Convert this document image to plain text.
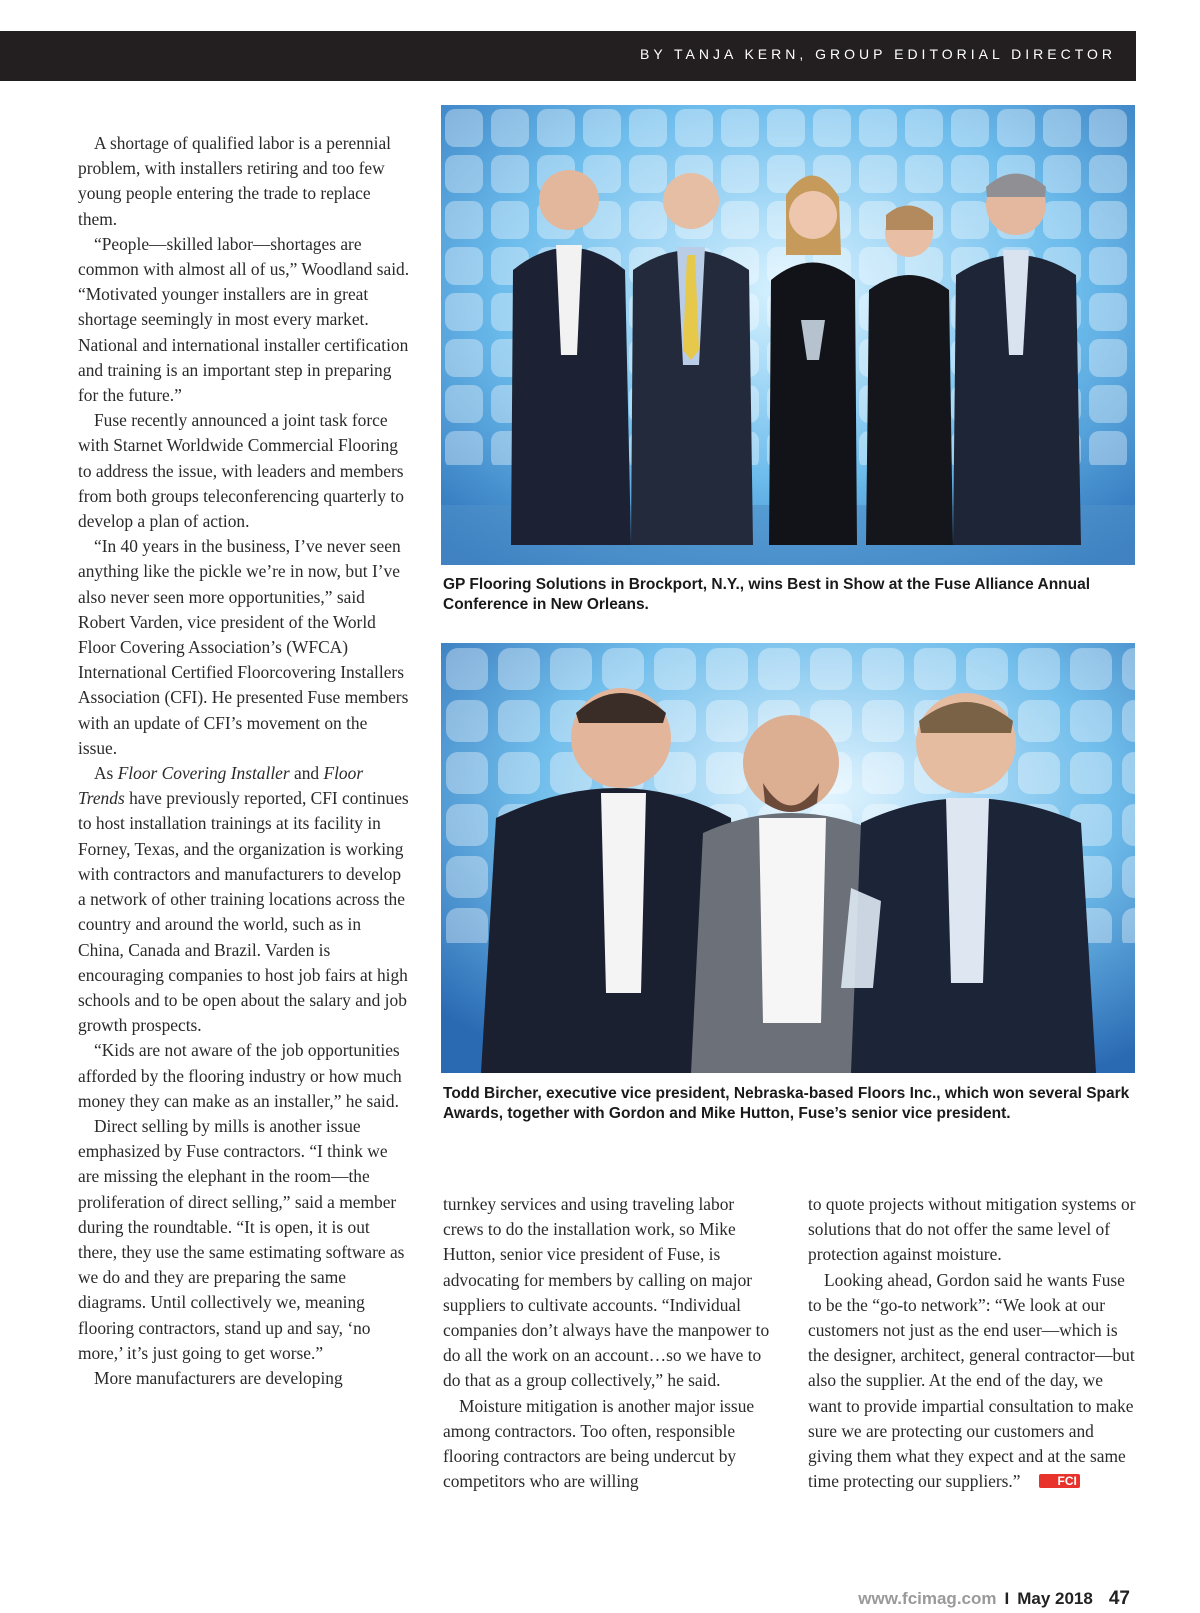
BY TANJA KERN, GROUP EDITORIAL DIRECTOR

A shortage of qualified labor is a perennial problem, with installers retiring and too few young people entering the trade to replace them.

“People—skilled labor—shortages are common with almost all of us,” Woodland said. “Motivated younger installers are in great shortage seemingly in most every market. National and international installer certification and training is an important step in preparing for the future.”

Fuse recently announced a joint task force with Starnet Worldwide Commercial Flooring to address the issue, with leaders and members from both groups teleconferencing quarterly to develop a plan of action.

“In 40 years in the business, I’ve never seen anything like the pickle we’re in now, but I’ve also never seen more opportunities,” said Robert Varden, vice president of the World Floor Covering Association’s (WFCA) International Certified Floorcovering Installers Association (CFI). He presented Fuse members with an update of CFI’s movement on the issue.

As Floor Covering Installer and Floor Trends have previously reported, CFI continues to host installation trainings at its facility in Forney, Texas, and the organization is working with contractors and manufacturers to develop a network of other training locations across the country and around the world, such as in China, Canada and Brazil. Varden is encouraging companies to host job fairs at high schools and to be open about the salary and job growth prospects.

“Kids are not aware of the job opportunities afforded by the flooring industry or how much money they can make as an installer,” he said.

Direct selling by mills is another issue emphasized by Fuse contractors. “I think we are missing the elephant in the room—the proliferation of direct selling,” said a member during the roundtable. “It is open, it is out there, they use the same estimating software as we do and they are preparing the same diagrams. Until collectively we, meaning flooring contractors, stand up and say, ‘no more,’ it’s just going to get worse.”

More manufacturers are developing

GP Flooring Solutions in Brockport, N.Y., wins Best in Show at the Fuse Alliance Annual Conference in New Orleans.
Todd Bircher, executive vice president, Nebraska-based Floors Inc., which won several Spark Awards, together with Gordon and Mike Hutton, Fuse’s senior vice president.

turnkey services and using traveling labor crews to do the installation work, so Mike Hutton, senior vice president of Fuse, is advocating for members by calling on major suppliers to cultivate accounts. “Individual companies don’t always have the manpower to do all the work on an account…so we have to do that as a group collectively,” he said.

Moisture mitigation is another major issue among contractors. Too often, responsible flooring contractors are being undercut by competitors who are willing

to quote projects without mitigation systems or solutions that do not offer the same level of protection against moisture.

Looking ahead, Gordon said he wants Fuse to be the “go-to network”: “We look at our customers not just as the end user—which is the designer, architect, general contractor—but also the supplier. At the end of the day, we want to provide impartial consultation to make sure we are protecting our customers and giving them what they expect and at the same time protecting our suppliers.”	FCI

www.fcimag.com I May 2018 47
